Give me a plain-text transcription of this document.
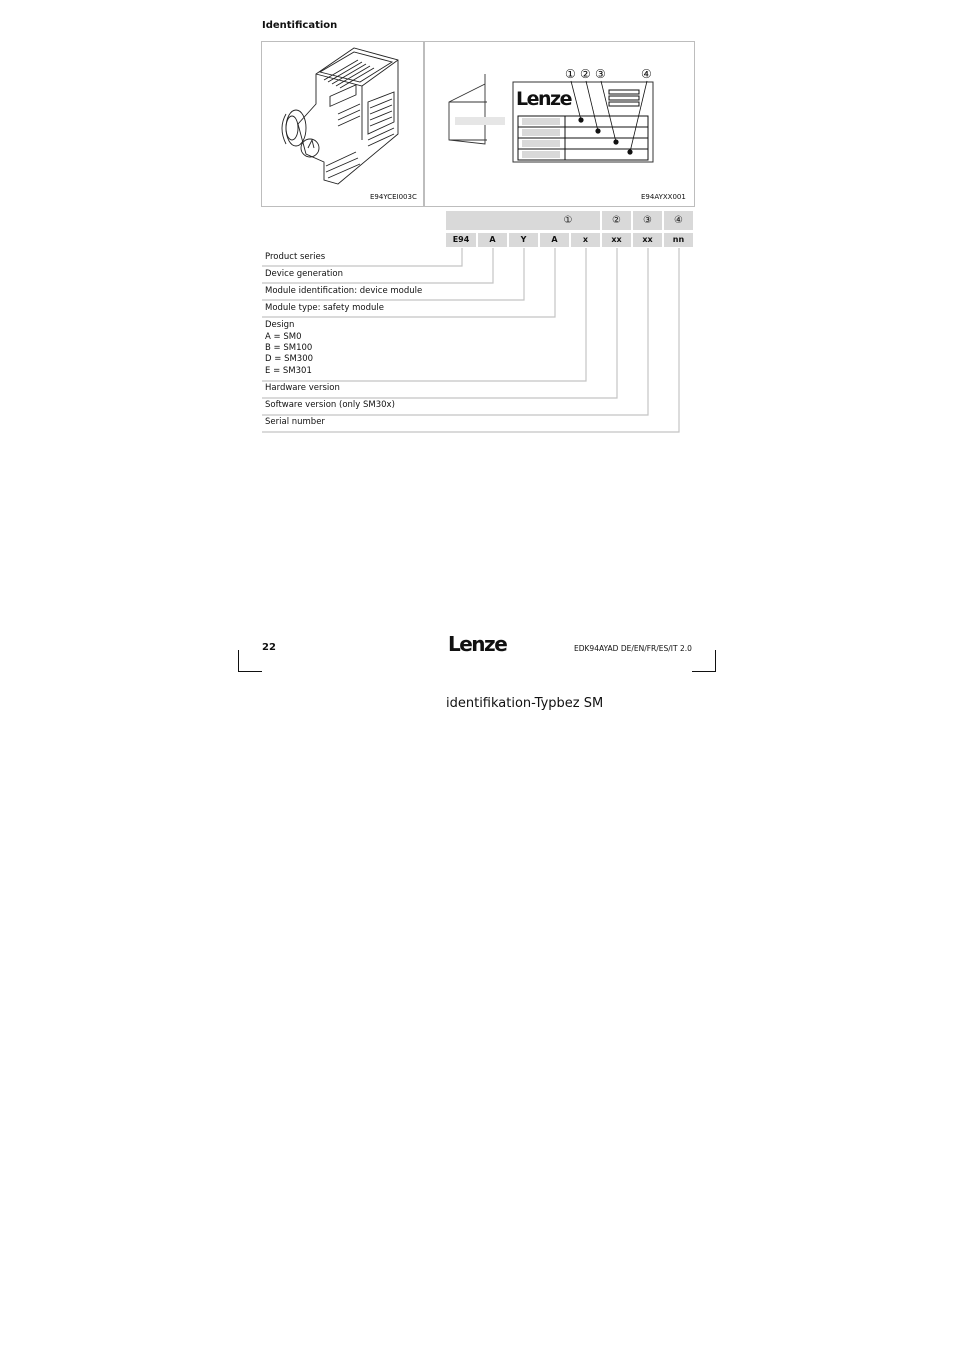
Identification
E94YCEI003C
Lenze
① ② ③	④
E94AYXX001
①	②	③	④
E94	A	Y	A	x	xx	xx	nn
Product series
Device generation
Module identification: device module
Module type: safety module
Design
A = SM0
B = SM100
D = SM300
E = SM301
Hardware version
Software version (only SM30x)
Serial number
22	Lenze	EDK94AYAD DE/EN/FR/ES/IT 2.0
identifikation-Typbez SM
